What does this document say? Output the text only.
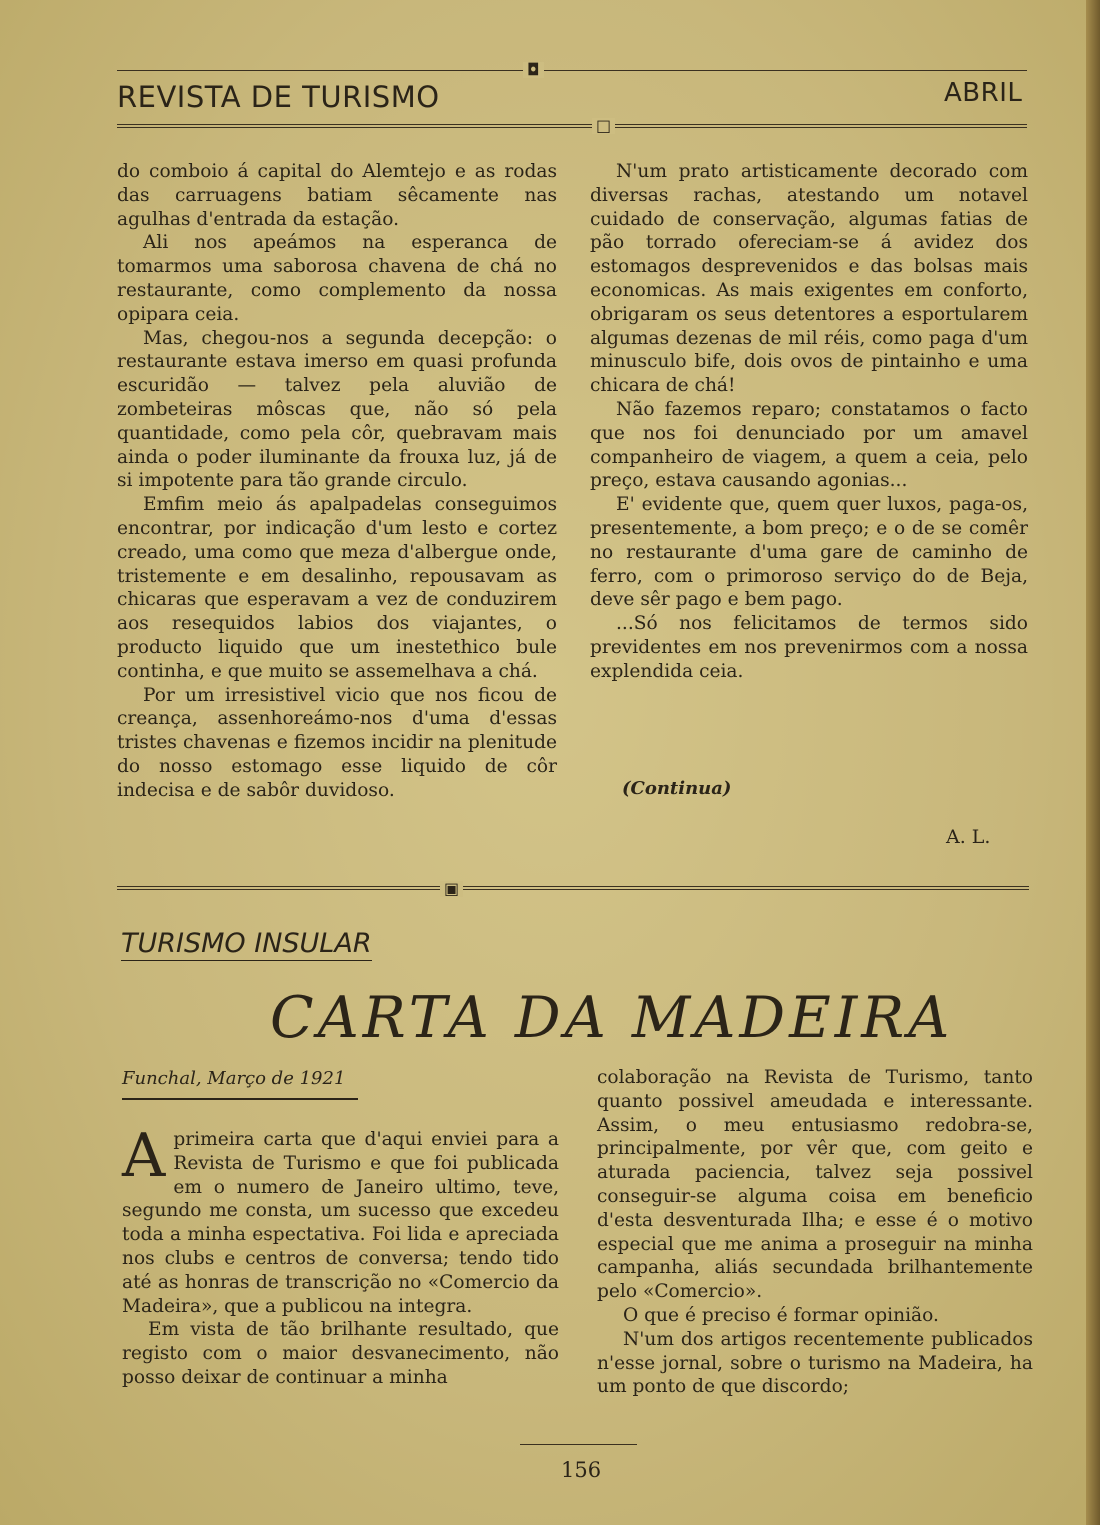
◘
REVISTA DE TURISMO	ABRIL
□

do comboio á capital do Alemtejo e as rodas das carruagens batiam sêcamente nas agulhas d'entrada da estação.

Ali nos apeámos na esperanca de tomarmos uma saborosa chavena de chá no restaurante, como complemento da nossa opipara ceia.

Mas, chegou-nos a segunda decepção: o restaurante estava imerso em quasi profunda escuridão — talvez pela aluvião de zombeteiras môscas que, não só pela quantidade, como pela côr, quebravam mais ainda o poder iluminante da frouxa luz, já de si impotente para tão grande circulo.

Emfim meio ás apalpadelas conseguimos encontrar, por indicação d'um lesto e cortez creado, uma como que meza d'albergue onde, tristemente e em desalinho, repousavam as chicaras que esperavam a vez de conduzirem aos resequidos labios dos viajantes, o producto liquido que um inestethico bule continha, e que muito se assemelhava a chá.

Por um irresistivel vicio que nos ficou de creança, assenhoreámo-nos d'uma d'essas tristes chavenas e fizemos incidir na plenitude do nosso estomago esse liquido de côr indecisa e de sabôr duvidoso.

N'um prato artisticamente decorado com diversas rachas, atestando um notavel cuidado de conservação, algumas fatias de pão torrado ofereciam-se á avidez dos estomagos desprevenidos e das bolsas mais economicas. As mais exigentes em conforto, obrigaram os seus detentores a esportularem algumas dezenas de mil réis, como paga d'um minusculo bife, dois ovos de pintainho e uma chicara de chá!

Não fazemos reparo; constatamos o facto que nos foi denunciado por um amavel companheiro de viagem, a quem a ceia, pelo preço, estava causando agonias...

E' evidente que, quem quer luxos, paga-os, presentemente, a bom preço; e o de se comêr no restaurante d'uma gare de caminho de ferro, com o primoroso serviço do de Beja, deve sêr pago e bem pago.

...Só nos felicitamos de termos sido previdentes em nos prevenirmos com a nossa explendida ceia.

(Continua)
A. L.
▣
TURISMO INSULAR
CARTA DA MADEIRA
Funchal, Março de 1921
A primeira carta que d'aqui enviei para a Revista de Turismo e que foi publicada em o numero de Janeiro ultimo, teve, segundo me consta, um sucesso que excedeu toda a minha espectativa. Foi lida e apreciada nos clubs e centros de conversa; tendo tido até as honras de transcrição no «Comercio da Madeira», que a publicou na integra.

Em vista de tão brilhante resultado, que registo com o maior desvanecimento, não posso deixar de continuar a minha

colaboração na Revista de Turismo, tanto quanto possivel ameudada e interessante. Assim, o meu entusiasmo redobra-se, principalmente, por vêr que, com geito e aturada paciencia, talvez seja possivel conseguir-se alguma coisa em beneficio d'esta desventurada Ilha; e esse é o motivo especial que me anima a proseguir na minha campanha, aliás secundada brilhantemente pelo «Comercio».

O que é preciso é formar opinião.

N'um dos artigos recentemente publicados n'esse jornal, sobre o turismo na Madeira, ha um ponto de que discordo;

156
